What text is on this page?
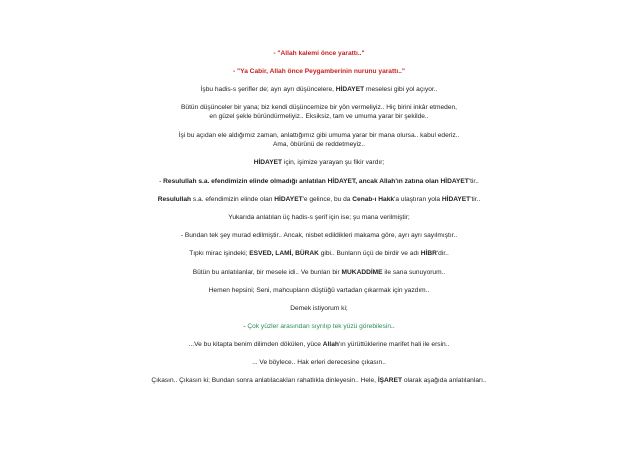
- "Allah kalemi önce yarattı.."
- "Ya Cabir, Allah önce Peygamberinin nurunu yarattı.."
İşbu hadis-s şerifler de; ayrı ayrı düşüncelere, HİDAYET meselesi gibi yol açıyor..
Bütün düşünceler bir yana; biz kendi düşüncemize bir yön vermeliyiz.. Hiç birini inkâr etmeden,
en güzel şekle büründürmeliyiz.. Eksiksiz, tam ve umuma yarar bir şekilde..
İşi bu açıdan ele aldığımız zaman, anlattığımız gibi umuma yarar bir mana olursa.. kabul ederiz..
Ama, öbürünü de reddetmeyiz..
HİDAYET için, işimize yarayan şu fikir vardır;
- Resulullah s.a. efendimizin elinde olmadığı anlatılan HİDAYET, ancak Allah'ın zatına olan HİDAYET'tir..
Resulullah s.a. efendimizin elinde olan HİDAYET'e gelince, bu da Cenab-ı Hakk'a ulaştıran yola HİDAYET'tir..
Yukarıda anlatılan üç hadis-s şerif için ise; şu mana verilmiştir;
- Bundan tek şey murad edilmiştir.. Ancak, nisbet edildikleri makama göre, ayrı ayrı sayılmıştır..
Tıpkı mirac işindeki; ESVED, LAMİ, BÜRAK gibi.. Bunların üçü de birdir ve adı HİBR'dir..
Bütün bu anlatılanlar, bir mesele idi.. Ve bunları bir MUKADDİME ile sana sunuyorum..
Hemen hepsini; Seni, mahcupların düştüğü vartadan çıkarmak için yazdım..
Demek istiyorum ki;
- Çok yüzler arasından sıyrılıp tek yüzü görebilesin..
...Ve bu kitapta benim dilimden dökülen, yüce Allah'ın yürüttüklerine marifet hali ile ersin..
... Ve böylece.. Hak erleri derecesine çıkasın..
Çıkasın.. Çıkasın ki; Bundan sonra anlatılacakları rahatlıkla dinleyesin.. Hele, İŞARET olarak aşağıda anlatılanları..
